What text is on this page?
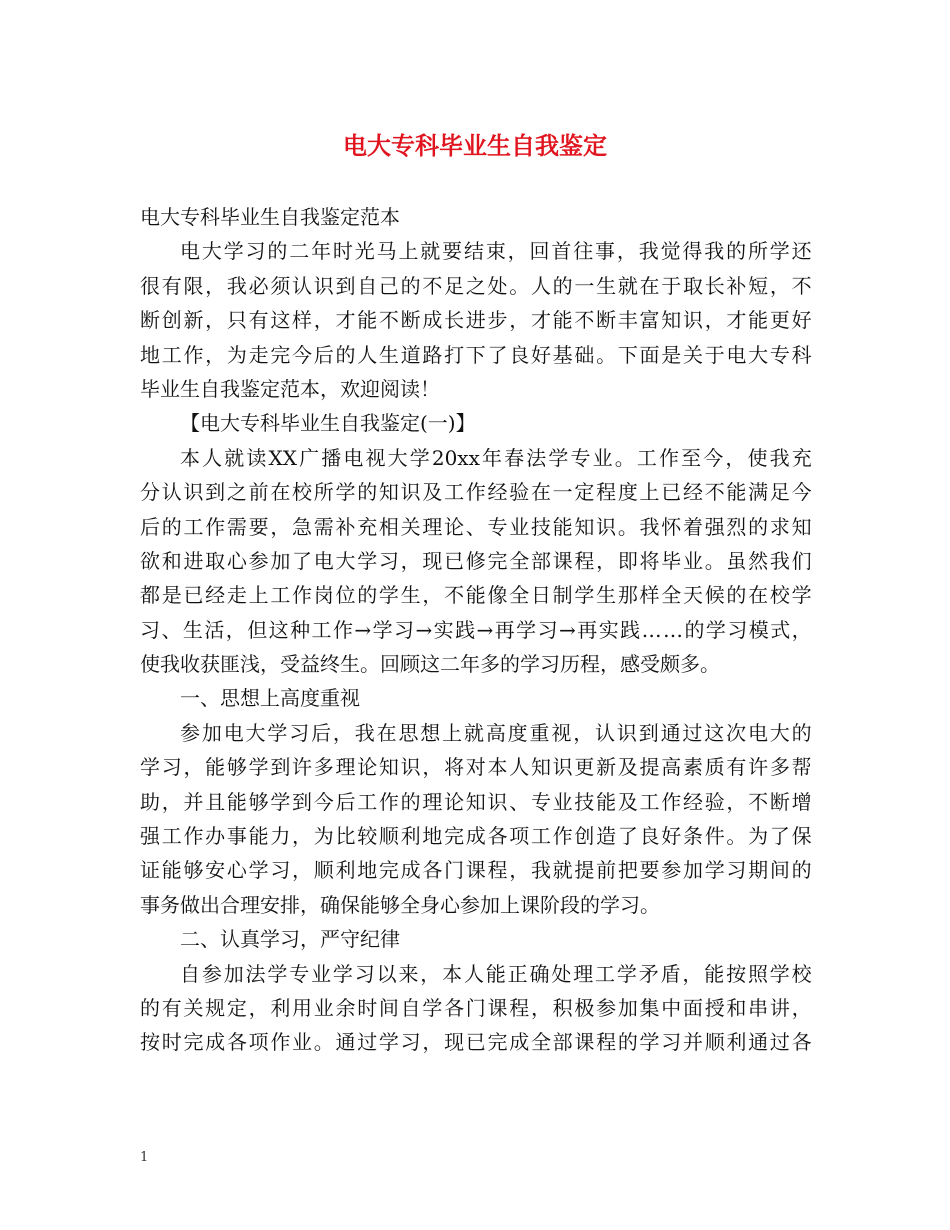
电大专科毕业生自我鉴定
电大专科毕业生自我鉴定范本
电 大 学 习 的 二 年 时 光 马 上 就 要 结 束 ， 回 首 往 事 ， 我 觉 得 我 的 所 学 还
很 有 限 ， 我 必 须 认 识 到 自 己 的 不 足 之 处 。 人 的 一 生 就 在 于 取 长 补 短 ， 不
断 创 新 ， 只 有 这 样 ， 才 能 不 断 成 长 进 步 ， 才 能 不 断 丰 富 知 识 ， 才 能 更 好
地 工 作 ， 为 走 完 今 后 的 人 生 道 路 打 下 了 良 好 基 础 。 下 面 是 关 于 电 大 专 科
毕业生自我鉴定范本，欢迎阅读！
【电大专科毕业生自我鉴定(一)】
本 人 就 读 XX 广 播 电 视 大 学 20xx 年 春 法 学 专 业 。 工 作 至 今 ， 使 我 充
分 认 识 到 之 前 在 校 所 学 的 知 识 及 工 作 经 验 在 一 定 程 度 上 已 经 不 能 满 足 今
后 的 工 作 需 要 ， 急 需 补 充 相 关 理 论 、 专 业 技 能 知 识 。 我 怀 着 强 烈 的 求 知
欲 和 进 取 心 参 加 了 电 大 学 习 ， 现 已 修 完 全 部 课 程 ， 即 将 毕 业 。 虽 然 我 们
都 是 已 经 走 上 工 作 岗 位 的 学 生 ， 不 能 像 全 日 制 学 生 那 样 全 天 候 的 在 校 学
习 、 生 活 ， 但 这 种 工 作 → 学 习 → 实 践 → 再 学 习 → 再 实 践 … … 的 学 习 模 式 ，
使我收获匪浅，受益终生。回顾这二年多的学习历程，感受颇多。
一、思想上高度重视
参 加 电 大 学 习 后 ， 我 在 思 想 上 就 高 度 重 视 ， 认 识 到 通 过 这 次 电 大 的
学 习 ， 能 够 学 到 许 多 理 论 知 识 ， 将 对 本 人 知 识 更 新 及 提 高 素 质 有 许 多 帮
助 ， 并 且 能 够 学 到 今 后 工 作 的 理 论 知 识 、 专 业 技 能 及 工 作 经 验 ， 不 断 增
强 工 作 办 事 能 力 ， 为 比 较 顺 利 地 完 成 各 项 工 作 创 造 了 良 好 条 件 。 为 了 保
证 能 够 安 心 学 习 ， 顺 利 地 完 成 各 门 课 程 ， 我 就 提 前 把 要 参 加 学 习 期 间 的
事务做出合理安排，确保能够全身心参加上课阶段的学习。
二、认真学习，严守纪律
自 参 加 法 学 专 业 学 习 以 来 ， 本 人 能 正 确 处 理 工 学 矛 盾 ， 能 按 照 学 校
的 有 关 规 定 ， 利 用 业 余 时 间 自 学 各 门 课 程 ， 积 极 参 加 集 中 面 授 和 串 讲 ，
按 时 完 成 各 项 作 业 。 通 过 学 习 ， 现 已 完 成 全 部 课 程 的 学 习 并 顺 利 通 过 各
1
